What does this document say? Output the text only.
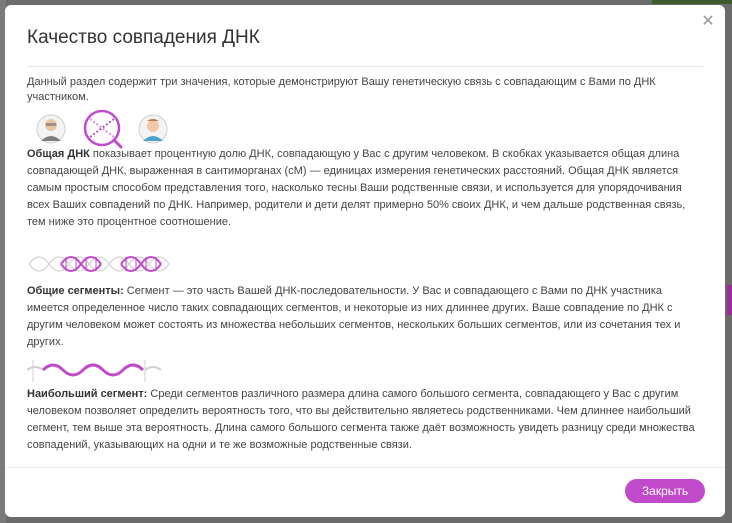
Качество совпадения ДНК
✕
Данный раздел содержит три значения, которые демонстрируют Вашу генетическую связь с совпадающим с Вами по ДНК участником.
Общая ДНК показывает процентную долю ДНК, совпадающую у Вас с другим человеком. В скобках указывается общая длина совпадающей ДНК, выраженная в сантиморганах (сМ) — единицах измерения генетических расстояний. Общая ДНК является самым простым способом представления того, насколько тесны Ваши родственные связи, и используется для упорядочивания всех Ваших совпадений по ДНК. Например, родители и дети делят примерно 50% своих ДНК, и чем дальше родственная связь, тем ниже это процентное соотношение.
Общие сегменты: Сегмент — это часть Вашей ДНК-последовательности. У Вас и совпадающего с Вами по ДНК участника имеется определенное число таких совпадающих сегментов, и некоторые из них длиннее других. Ваше совпадение по ДНК с другим человеком может состоять из множества небольших сегментов, нескольких больших сегментов, или из сочетания тех и других.
Наибольший сегмент: Среди сегментов различного размера длина самого большого сегмента, совпадающего у Вас с другим человеком позволяет определить вероятность того, что вы действительно являетесь родственниками. Чем длиннее наибольший сегмент, тем выше эта вероятность. Длина самого большого сегмента также даёт возможность увидеть разницу среди множества совпадений, указывающих на одни и те же возможные родственные связи.
Закрыть
